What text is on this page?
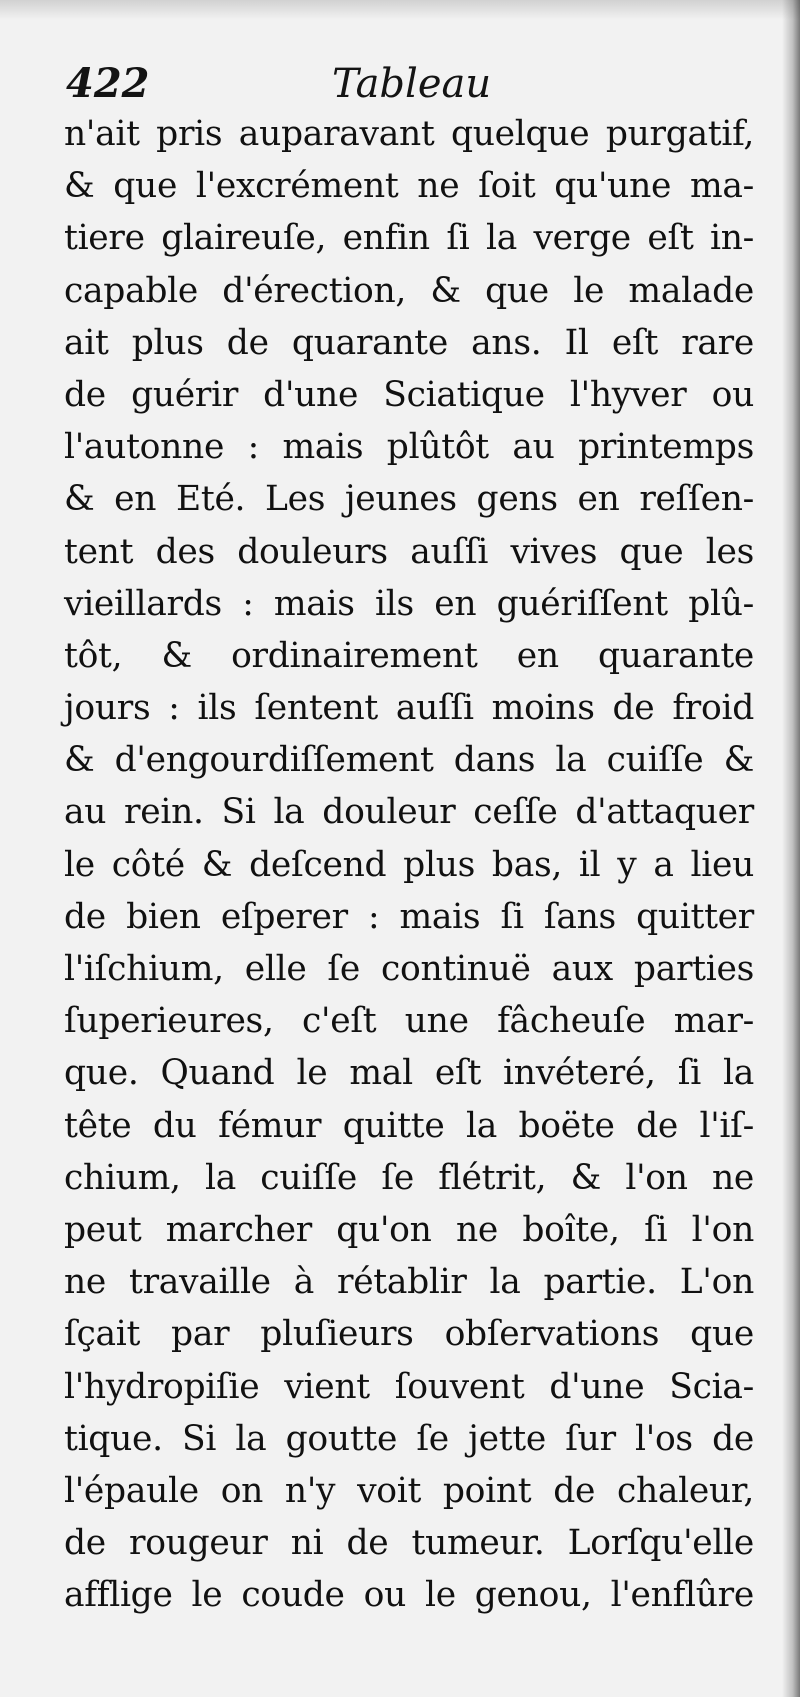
422	Tableau
n'ait pris auparavant quelque purgatif,
& que l'excrément ne ſoit qu'une ma-
tiere glaireuſe, enfin ſi la verge eſt in-
capable d'érection, & que le malade
ait plus de quarante ans. Il eſt rare
de guérir d'une Sciatique l'hyver ou
l'autonne : mais plûtôt au printemps
& en Eté. Les jeunes gens en reſſen-
tent des douleurs auſſi vives que les
vieillards : mais ils en guériſſent plû-
tôt, & ordinairement en quarante
jours : ils ſentent auſſi moins de froid
& d'engourdiſſement dans la cuiſſe &
au rein. Si la douleur ceſſe d'attaquer
le côté & deſcend plus bas, il y a lieu
de bien eſperer : mais ſi ſans quitter
l'iſchium, elle ſe continuë aux parties
ſuperieures, c'eſt une fâcheuſe mar-
que. Quand le mal eſt invéteré, ſi la
tête du fémur quitte la boëte de l'iſ-
chium, la cuiſſe ſe flétrit, & l'on ne
peut marcher qu'on ne boîte, ſi l'on
ne travaille à rétablir la partie. L'on
ſçait par pluſieurs obſervations que
l'hydropiſie vient ſouvent d'une Scia-
tique. Si la goutte ſe jette ſur l'os de
l'épaule on n'y voit point de chaleur,
de rougeur ni de tumeur. Lorſqu'elle
afflige le coude ou le genou, l'enflûre
